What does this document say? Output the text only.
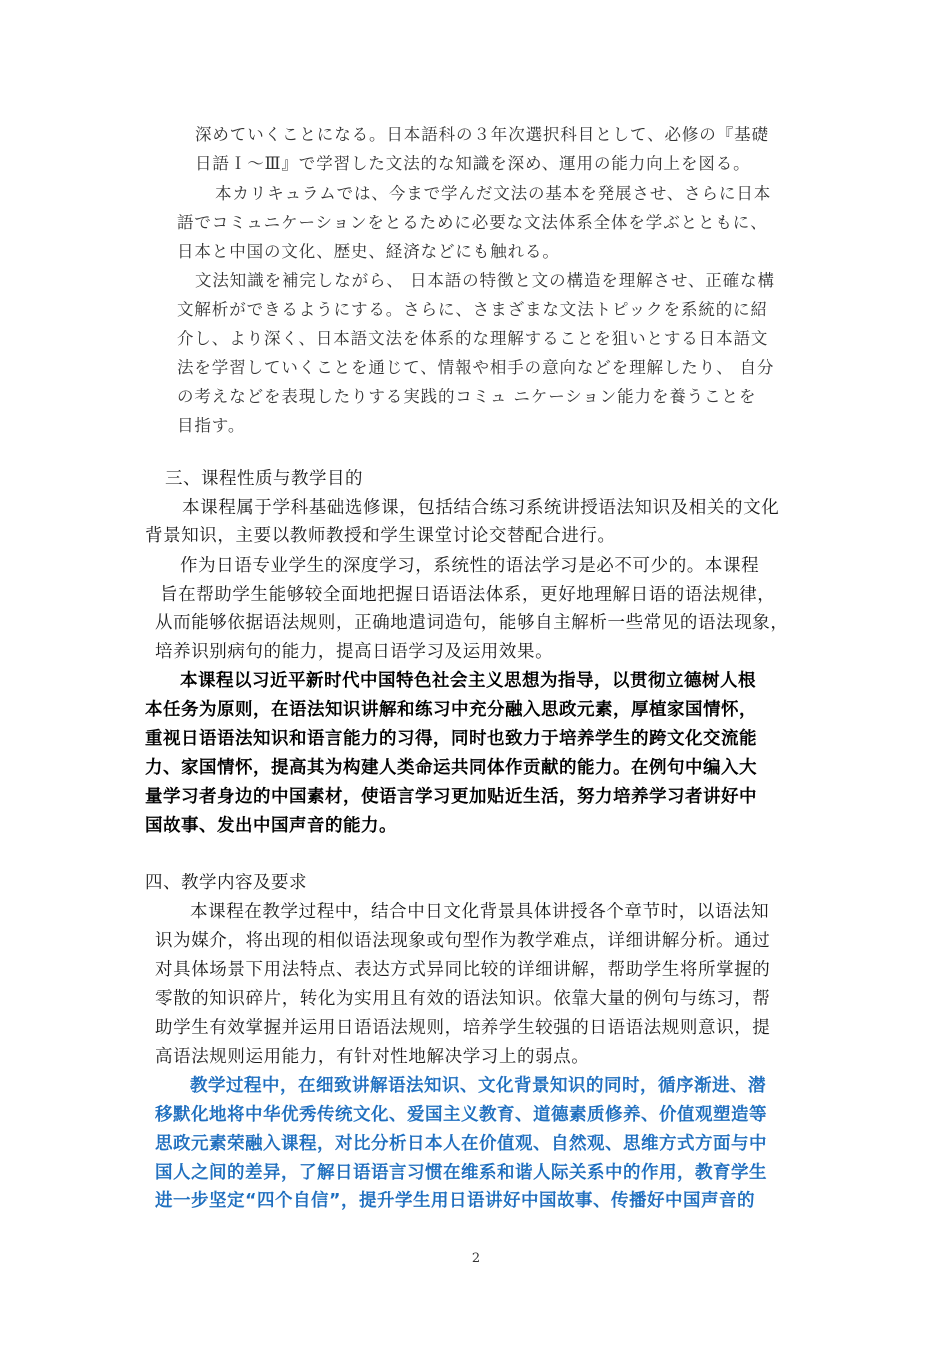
深めていくことになる。日本語科の３年次選択科目として、必修の『基礎

日語Ｉ～Ⅲ』で学習した文法的な知識を深め、運用の能力向上を図る。

本カリキュラムでは、今まで学んだ文法の基本を発展させ、さらに日本

語でコミュニケーションをとるために必要な文法体系全体を学ぶとともに、

日本と中国の文化、歴史、経済などにも触れる。

文法知識を補完しながら、 日本語の特徴と文の構造を理解させ、正確な構

文解析ができるようにする。さらに、さまざまな文法トピックを系統的に紹

介し、より深く、日本語文法を体系的な理解することを狙いとする日本語文

法を学習していくことを通じて、情報や相手の意向などを理解したり、 自分

の考えなどを表現したりする実践的コミュ ニケーション能力を養うことを

目指す。

三、课程性质与教学目的

本课程属于学科基础选修课，包括结合练习系统讲授语法知识及相关的文化

背景知识，主要以教师教授和学生课堂讨论交替配合进行。

作为日语专业学生的深度学习，系统性的语法学习是必不可少的。本课程

旨在帮助学生能够较全面地把握日语语法体系，更好地理解日语的语法规律，

从而能够依据语法规则，正确地遣词造句，能够自主解析一些常见的语法现象，

培养识别病句的能力，提高日语学习及运用效果。

本课程以习近平新时代中国特色社会主义思想为指导，以贯彻立德树人根

本任务为原则，在语法知识讲解和练习中充分融入思政元素，厚植家国情怀，

重视日语语法知识和语言能力的习得，同时也致力于培养学生的跨文化交流能

力、家国情怀，提高其为构建人类命运共同体作贡献的能力。在例句中编入大

量学习者身边的中国素材，使语言学习更加贴近生活，努力培养学习者讲好中

国故事、发出中国声音的能力。

四、教学内容及要求

本课程在教学过程中，结合中日文化背景具体讲授各个章节时，以语法知

识为媒介，将出现的相似语法现象或句型作为教学难点，详细讲解分析。通过

对具体场景下用法特点、表达方式异同比较的详细讲解，帮助学生将所掌握的

零散的知识碎片，转化为实用且有效的语法知识。依靠大量的例句与练习，帮

助学生有效掌握并运用日语语法规则，培养学生较强的日语语法规则意识，提

高语法规则运用能力，有针对性地解决学习上的弱点。

教学过程中，在细致讲解语法知识、文化背景知识的同时，循序渐进、潜

移默化地将中华优秀传统文化、爱国主义教育、道德素质修养、价值观塑造等

思政元素荣融入课程，对比分析日本人在价值观、自然观、思维方式方面与中

国人之间的差异，了解日语语言习惯在维系和谐人际关系中的作用，教育学生

进一步坚定“四个自信”，提升学生用日语讲好中国故事、传播好中国声音的

2
